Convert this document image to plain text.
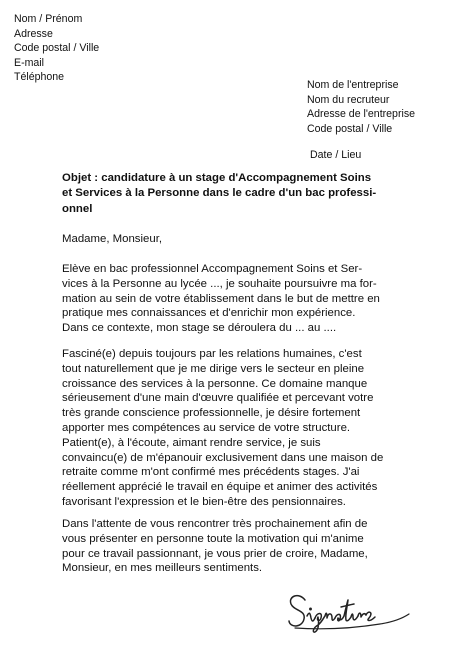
Nom / Prénom
Adresse
Code postal / Ville
E-mail
Téléphone
Nom de l'entreprise
Nom du recruteur
Adresse de l'entreprise
Code postal / Ville
Date / Lieu
Objet : candidature à un stage d'Accompagnement Soins
et Services à la Personne dans le cadre d'un bac professi-
onnel
Madame, Monsieur,
Elève en bac professionnel Accompagnement Soins et Ser-
vices à la Personne au lycée ..., je souhaite poursuivre ma for-
mation au sein de votre établissement dans le but de mettre en
pratique mes connaissances et d'enrichir mon expérience.
Dans ce contexte, mon stage se déroulera du ... au ....
Fasciné(e) depuis toujours par les relations humaines, c'est
tout naturellement que je me dirige vers le secteur en pleine
croissance des services à la personne. Ce domaine manque
sérieusement d'une main d'œuvre qualifiée et percevant votre
très grande conscience professionnelle, je désire fortement
apporter mes compétences au service de votre structure.
Patient(e), à l'écoute, aimant rendre service, je suis
convaincu(e) de m'épanouir exclusivement dans une maison de
retraite comme m'ont confirmé mes précédents stages. J'ai
réellement apprécié le travail en équipe et animer des activités
favorisant l'expression et le bien-être des pensionnaires.
Dans l'attente de vous rencontrer très prochainement afin de
vous présenter en personne toute la motivation qui m'anime
pour ce travail passionnant, je vous prier de croire, Madame,
Monsieur, en mes meilleurs sentiments.
